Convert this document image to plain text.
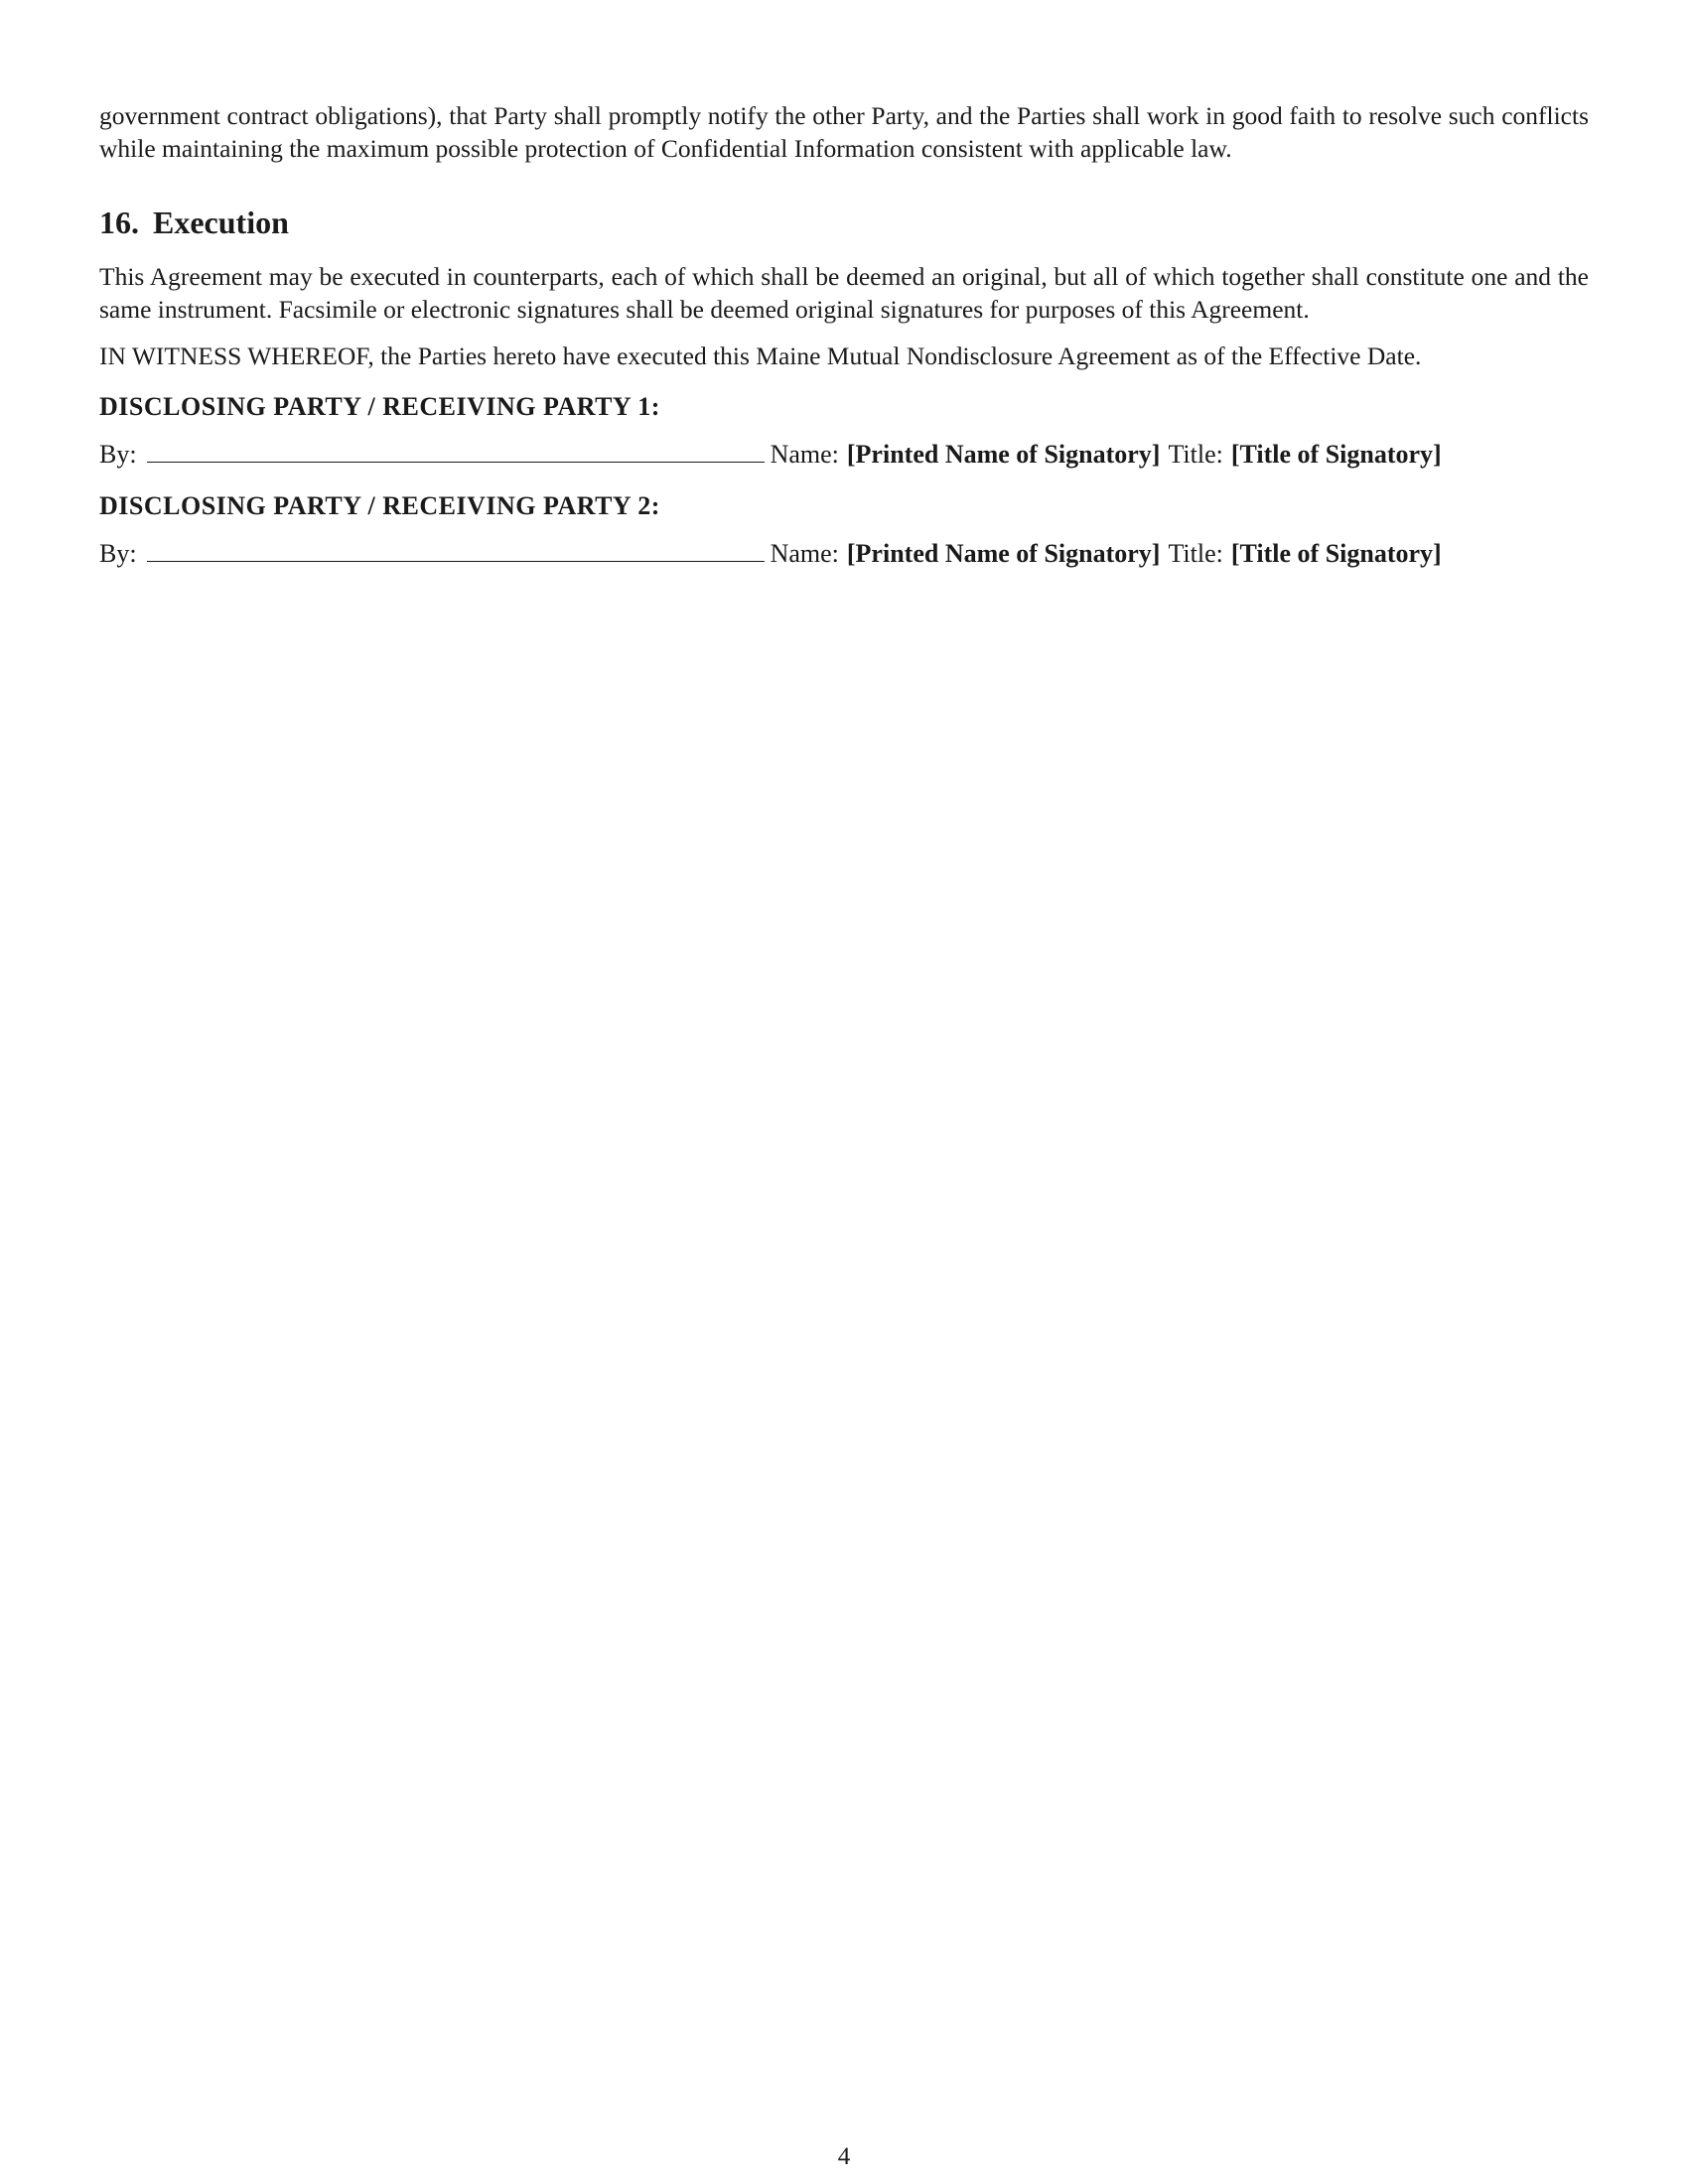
government contract obligations), that Party shall promptly notify the other Party, and the Parties shall work in good faith to resolve such conflicts while maintaining the maximum possible protection of Confidential Information consistent with applicable law.

16. Execution

This Agreement may be executed in counterparts, each of which shall be deemed an original, but all of which together shall constitute one and the same instrument. Facsimile or electronic signatures shall be deemed original signatures for purposes of this Agreement.

IN WITNESS WHEREOF, the Parties hereto have executed this Maine Mutual Nondisclosure Agreement as of the Effective Date.

DISCLOSING PARTY / RECEIVING PARTY 1:
By:	Name: [Printed Name of Signatory] Title: [Title of Signatory]
DISCLOSING PARTY / RECEIVING PARTY 2:
By:	Name: [Printed Name of Signatory] Title: [Title of Signatory]
4
